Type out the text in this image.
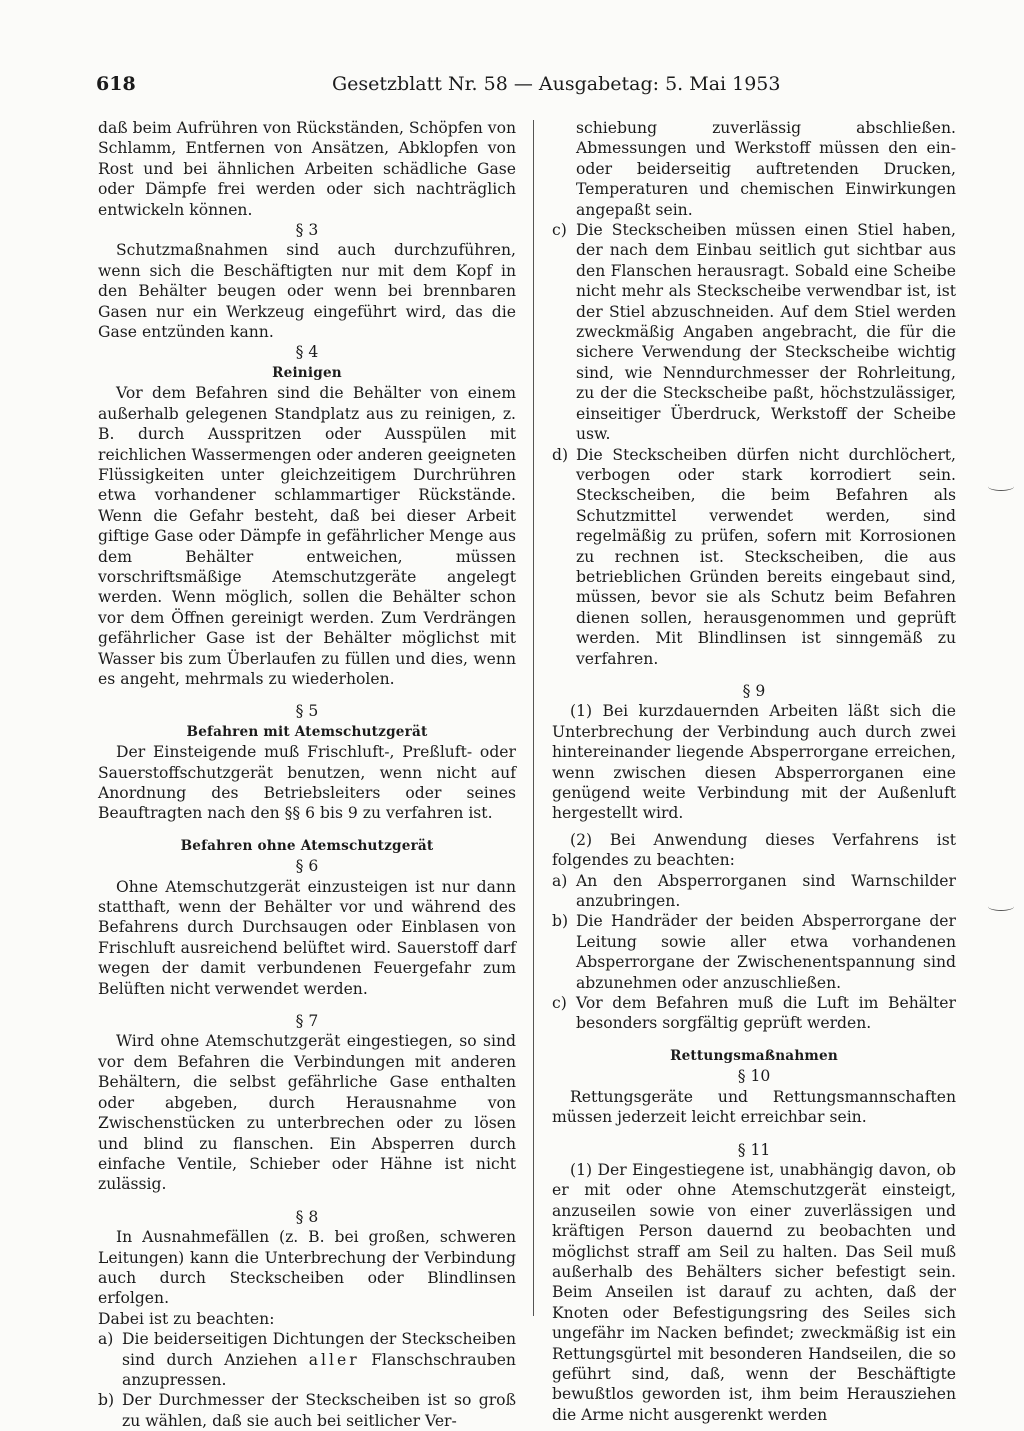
618	Gesetzblatt Nr. 58 — Ausgabetag: 5. Mai 1953

daß beim Aufrühren von Rückständen, Schöpfen von Schlamm, Entfernen von Ansätzen, Abklopfen von Rost und bei ähnlichen Arbeiten schädliche Gase oder Dämpfe frei werden oder sich nachträglich entwickeln können.

§ 3

Schutzmaßnahmen sind auch durchzuführen, wenn sich die Beschäftigten nur mit dem Kopf in den Behälter beugen oder wenn bei brennbaren Gasen nur ein Werkzeug eingeführt wird, das die Gase entzünden kann.

§ 4

Reinigen

Vor dem Befahren sind die Behälter von einem außerhalb gelegenen Standplatz aus zu reinigen, z. B. durch Ausspritzen oder Ausspülen mit reichlichen Wassermengen oder anderen geeigneten Flüssigkeiten unter gleichzeitigem Durchrühren etwa vorhandener schlammartiger Rückstände. Wenn die Gefahr besteht, daß bei dieser Arbeit giftige Gase oder Dämpfe in gefährlicher Menge aus dem Behälter entweichen, müssen vorschriftsmäßige Atemschutzgeräte angelegt werden. Wenn möglich, sollen die Behälter schon vor dem Öffnen gereinigt werden. Zum Verdrängen gefährlicher Gase ist der Behälter möglichst mit Wasser bis zum Überlaufen zu füllen und dies, wenn es angeht, mehrmals zu wiederholen.

§ 5

Befahren mit Atemschutzgerät

Der Einsteigende muß Frischluft-, Preßluft- oder Sauerstoffschutzgerät benutzen, wenn nicht auf Anordnung des Betriebsleiters oder seines Beauftragten nach den §§ 6 bis 9 zu verfahren ist.

Befahren ohne Atemschutzgerät

§ 6

Ohne Atemschutzgerät einzusteigen ist nur dann statthaft, wenn der Behälter vor und während des Befahrens durch Durchsaugen oder Einblasen von Frischluft ausreichend belüftet wird. Sauerstoff darf wegen der damit verbundenen Feuergefahr zum Belüften nicht verwendet werden.

§ 7

Wird ohne Atemschutzgerät eingestiegen, so sind vor dem Befahren die Verbindungen mit anderen Behältern, die selbst gefährliche Gase enthalten oder abgeben, durch Herausnahme von Zwischenstücken zu unterbrechen oder zu lösen und blind zu flanschen. Ein Absperren durch einfache Ventile, Schieber oder Hähne ist nicht zulässig.

§ 8

In Ausnahmefällen (z. B. bei großen, schweren Leitungen) kann die Unterbrechung der Verbindung auch durch Steckscheiben oder Blindlinsen erfolgen.

Dabei ist zu beachten:

a) Die beiderseitigen Dichtungen der Steckscheiben sind durch Anziehen aller Flanschschrauben anzupressen.
b) Der Durchmesser der Steckscheiben ist so groß zu wählen, daß sie auch bei seitlicher Ver-

schiebung zuverlässig abschließen. Abmessungen und Werkstoff müssen den ein- oder beiderseitig auftretenden Drucken, Temperaturen und chemischen Einwirkungen angepaßt sein.

c) Die Steckscheiben müssen einen Stiel haben, der nach dem Einbau seitlich gut sichtbar aus den Flanschen herausragt. Sobald eine Scheibe nicht mehr als Steckscheibe verwendbar ist, ist der Stiel abzuschneiden. Auf dem Stiel werden zweckmäßig Angaben angebracht, die für die sichere Verwendung der Steckscheibe wichtig sind, wie Nenndurchmesser der Rohrleitung, zu der die Steckscheibe paßt, höchstzulässiger, einseitiger Überdruck, Werkstoff der Scheibe usw.
d) Die Steckscheiben dürfen nicht durchlöchert, verbogen oder stark korrodiert sein. Steckscheiben, die beim Befahren als Schutzmittel verwendet werden, sind regelmäßig zu prüfen, sofern mit Korrosionen zu rechnen ist. Steckscheiben, die aus betrieblichen Gründen bereits eingebaut sind, müssen, bevor sie als Schutz beim Befahren dienen sollen, herausgenommen und geprüft werden. Mit Blindlinsen ist sinngemäß zu verfahren.

§ 9

(1) Bei kurzdauernden Arbeiten läßt sich die Unterbrechung der Verbindung auch durch zwei hintereinander liegende Absperrorgane erreichen, wenn zwischen diesen Absperrorganen eine genügend weite Verbindung mit der Außenluft hergestellt wird.

(2) Bei Anwendung dieses Verfahrens ist folgendes zu beachten:

a) An den Absperrorganen sind Warnschilder anzubringen.
b) Die Handräder der beiden Absperrorgane der Leitung sowie aller etwa vorhandenen Absperrorgane der Zwischenentspannung sind abzunehmen oder anzuschließen.
c) Vor dem Befahren muß die Luft im Behälter besonders sorgfältig geprüft werden.

Rettungsmaßnahmen

§ 10

Rettungsgeräte und Rettungsmannschaften müssen jederzeit leicht erreichbar sein.

§ 11

(1) Der Eingestiegene ist, unabhängig davon, ob er mit oder ohne Atemschutzgerät einsteigt, anzuseilen sowie von einer zuverlässigen und kräftigen Person dauernd zu beobachten und möglichst straff am Seil zu halten. Das Seil muß außerhalb des Behälters sicher befestigt sein. Beim Anseilen ist darauf zu achten, daß der Knoten oder Befestigungsring des Seiles sich ungefähr im Nacken befindet; zweckmäßig ist ein Rettungsgürtel mit besonderen Handseilen, die so geführt sind, daß, wenn der Beschäftigte bewußtlos geworden ist, ihm beim Herausziehen die Arme nicht ausgerenkt werden
